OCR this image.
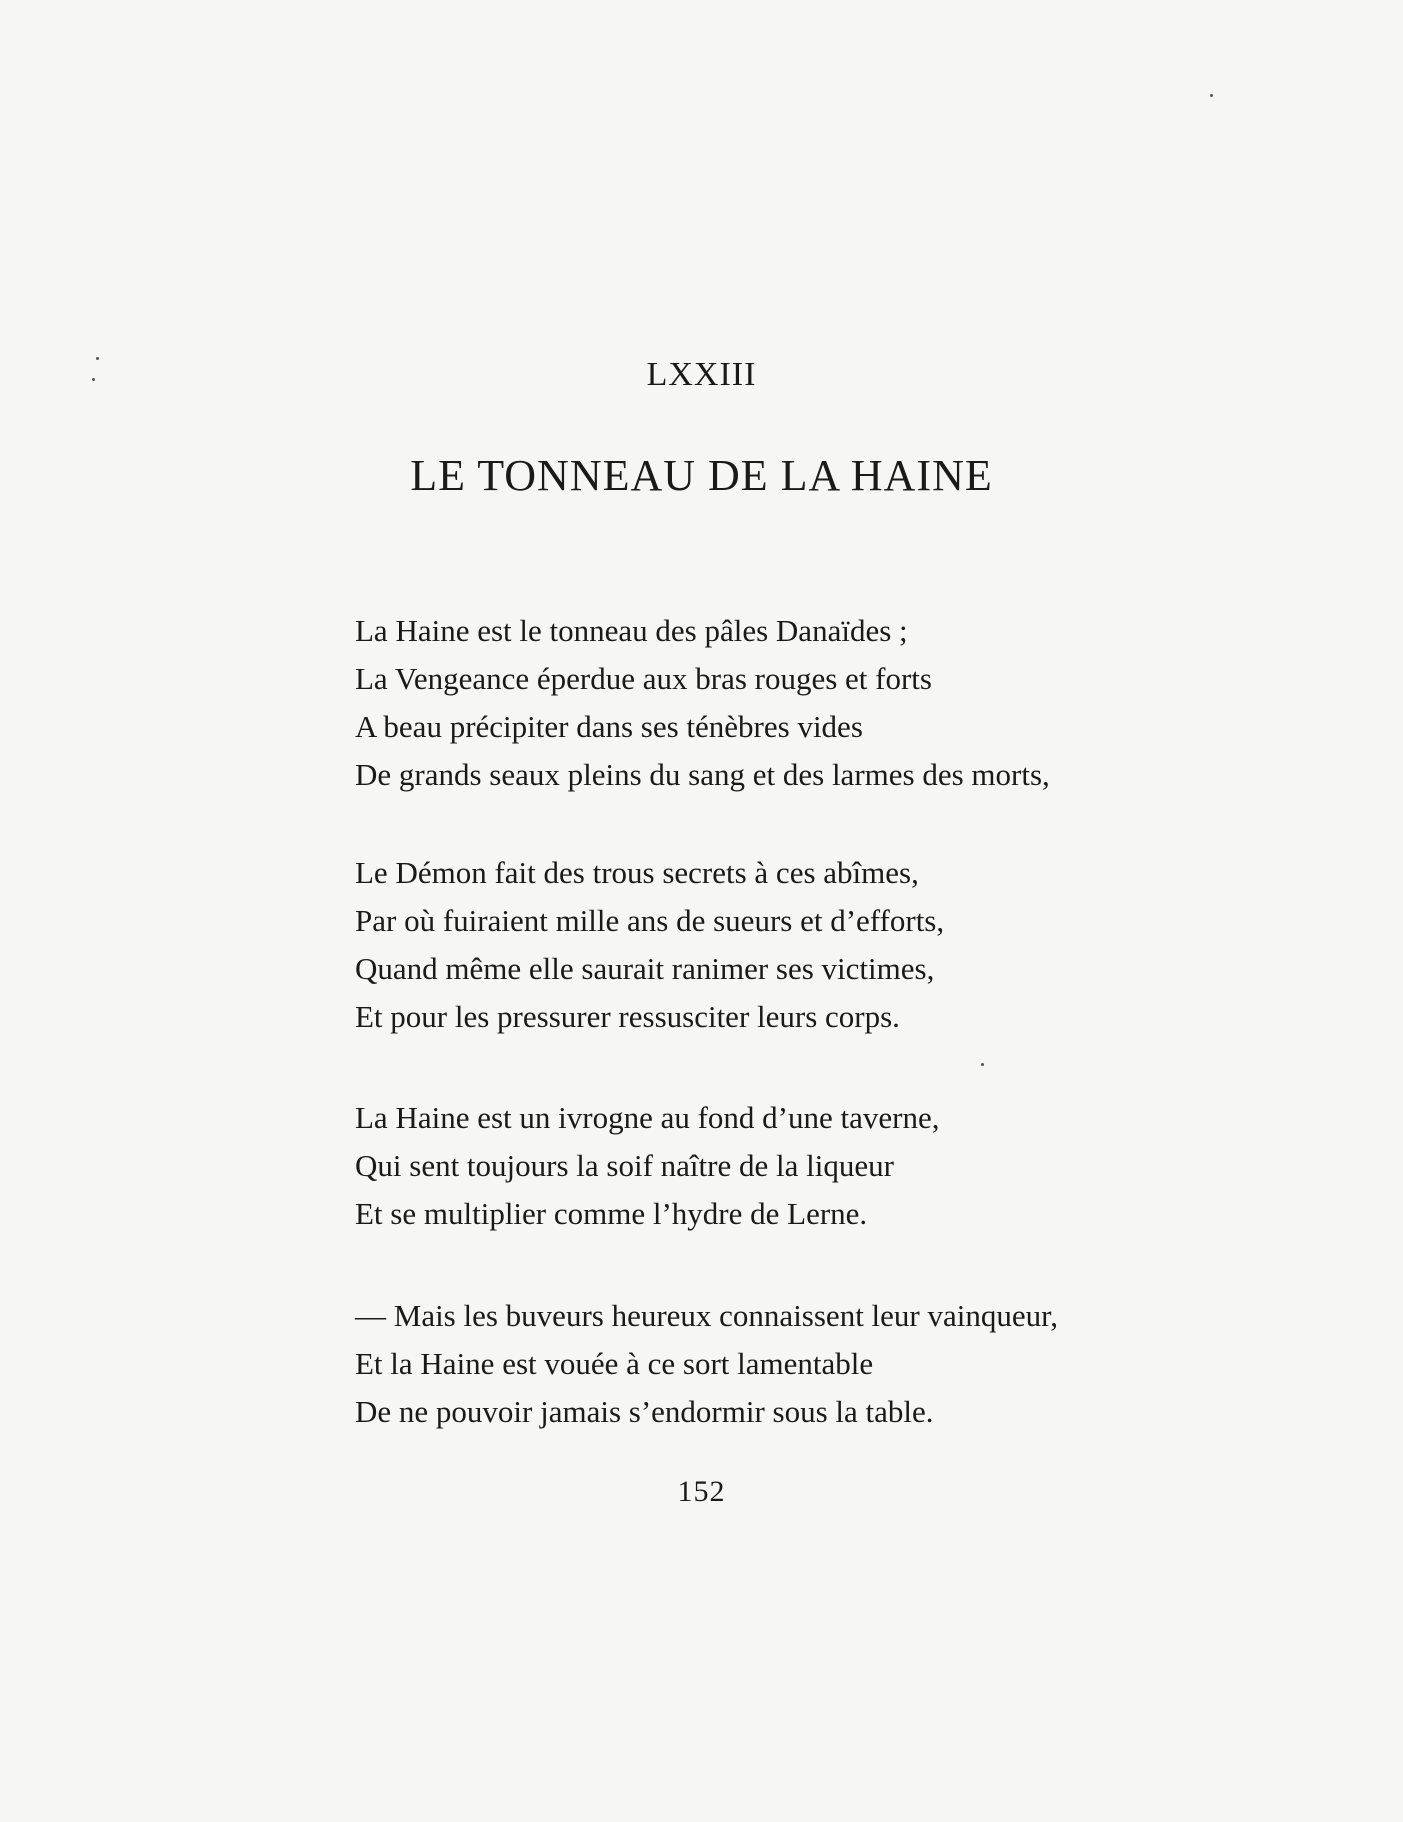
LXXIII
LE TONNEAU DE LA HAINE
La Haine est le tonneau des pâles Danaïdes ;
La Vengeance éperdue aux bras rouges et forts
A beau précipiter dans ses ténèbres vides
De grands seaux pleins du sang et des larmes des morts,
Le Démon fait des trous secrets à ces abîmes,
Par où fuiraient mille ans de sueurs et d’efforts,
Quand même elle saurait ranimer ses victimes,
Et pour les pressurer ressusciter leurs corps.
La Haine est un ivrogne au fond d’une taverne,
Qui sent toujours la soif naître de la liqueur
Et se multiplier comme l’hydre de Lerne.
— Mais les buveurs heureux connaissent leur vainqueur,
Et la Haine est vouée à ce sort lamentable
De ne pouvoir jamais s’endormir sous la table.
152
